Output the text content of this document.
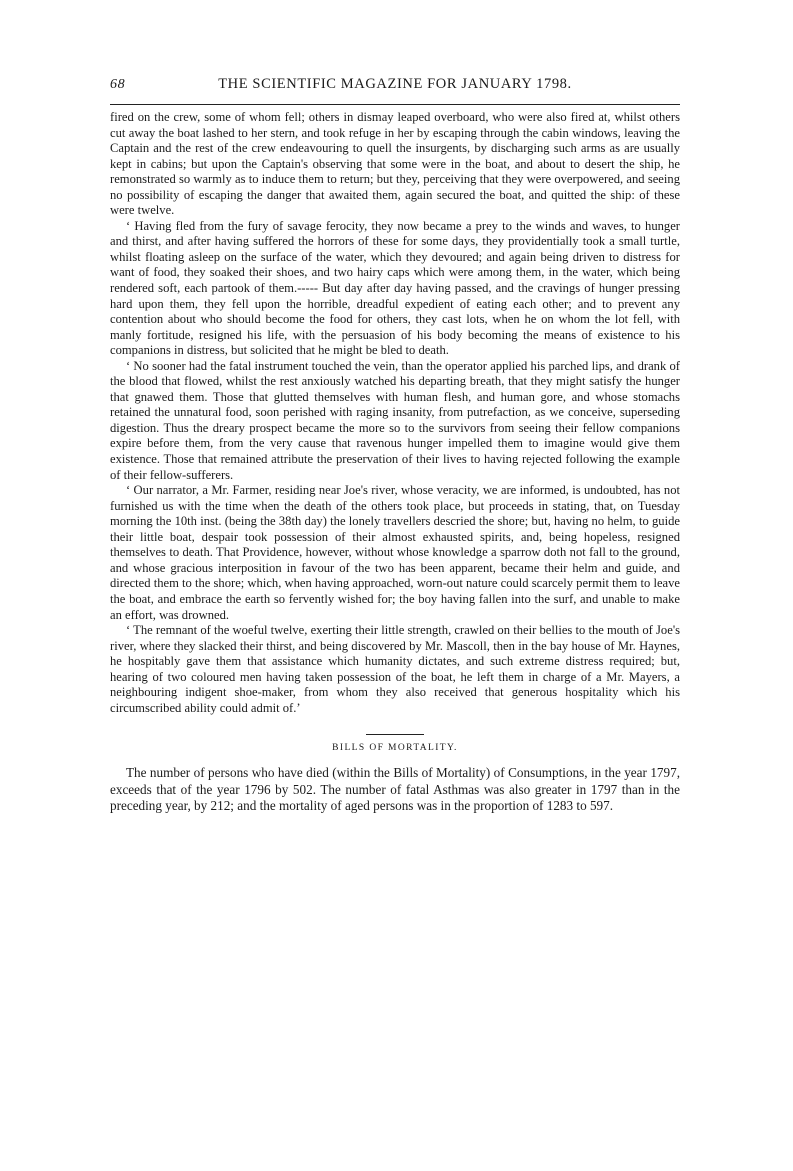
68	THE SCIENTIFIC MAGAZINE FOR JANUARY 1798.

fired on the crew, some of whom fell; others in dismay leaped overboard, who were also fired at, whilst others cut away the boat lashed to her stern, and took refuge in her by escaping through the cabin windows, leaving the Captain and the rest of the crew endeavouring to quell the insurgents, by discharging such arms as are usually kept in cabins; but upon the Captain's observing that some were in the boat, and about to desert the ship, he remonstrated so warmly as to induce them to return; but they, perceiving that they were overpowered, and seeing no possibility of escaping the danger that awaited them, again secured the boat, and quitted the ship: of these were twelve.

‘ Having fled from the fury of savage ferocity, they now became a prey to the winds and waves, to hunger and thirst, and after having suffered the horrors of these for some days, they providentially took a small turtle, whilst floating asleep on the surface of the water, which they devoured; and again being driven to distress for want of food, they soaked their shoes, and two hairy caps which were among them, in the water, which being rendered soft, each partook of them.----- But day after day having passed, and the cravings of hunger pressing hard upon them, they fell upon the horrible, dreadful expedient of eating each other; and to prevent any contention about who should become the food for others, they cast lots, when he on whom the lot fell, with manly fortitude, resigned his life, with the persuasion of his body becoming the means of existence to his companions in distress, but solicited that he might be bled to death.

‘ No sooner had the fatal instrument touched the vein, than the operator applied his parched lips, and drank of the blood that flowed, whilst the rest anxiously watched his departing breath, that they might satisfy the hunger that gnawed them. Those that glutted themselves with human flesh, and human gore, and whose stomachs retained the unnatural food, soon perished with raging insanity, from putrefaction, as we conceive, superseding digestion. Thus the dreary prospect became the more so to the survivors from seeing their fellow companions expire before them, from the very cause that ravenous hunger impelled them to imagine would give them existence. Those that remained attribute the preservation of their lives to having rejected following the example of their fellow-sufferers.

‘ Our narrator, a Mr. Farmer, residing near Joe's river, whose veracity, we are informed, is undoubted, has not furnished us with the time when the death of the others took place, but proceeds in stating, that, on Tuesday morning the 10th inst. (being the 38th day) the lonely travellers descried the shore; but, having no helm, to guide their little boat, despair took possession of their almost exhausted spirits, and, being hopeless, resigned themselves to death. That Providence, however, without whose knowledge a sparrow doth not fall to the ground, and whose gracious interposition in favour of the two has been apparent, became their helm and guide, and directed them to the shore; which, when having approached, worn-out nature could scarcely permit them to leave the boat, and embrace the earth so fervently wished for; the boy having fallen into the surf, and unable to make an effort, was drowned.

‘ The remnant of the woeful twelve, exerting their little strength, crawled on their bellies to the mouth of Joe's river, where they slacked their thirst, and being discovered by Mr. Mascoll, then in the bay house of Mr. Haynes, he hospitably gave them that assistance which humanity dictates, and such extreme distress required; but, hearing of two coloured men having taken possession of the boat, he left them in charge of a Mr. Mayers, a neighbouring indigent shoe-maker, from whom they also received that generous hospitality which his circumscribed ability could admit of.’

BILLS OF MORTALITY.

The number of persons who have died (within the Bills of Mortality) of Consumptions, in the year 1797, exceeds that of the year 1796 by 502. The number of fatal Asthmas was also greater in 1797 than in the preceding year, by 212; and the mortality of aged persons was in the proportion of 1283 to 597.
